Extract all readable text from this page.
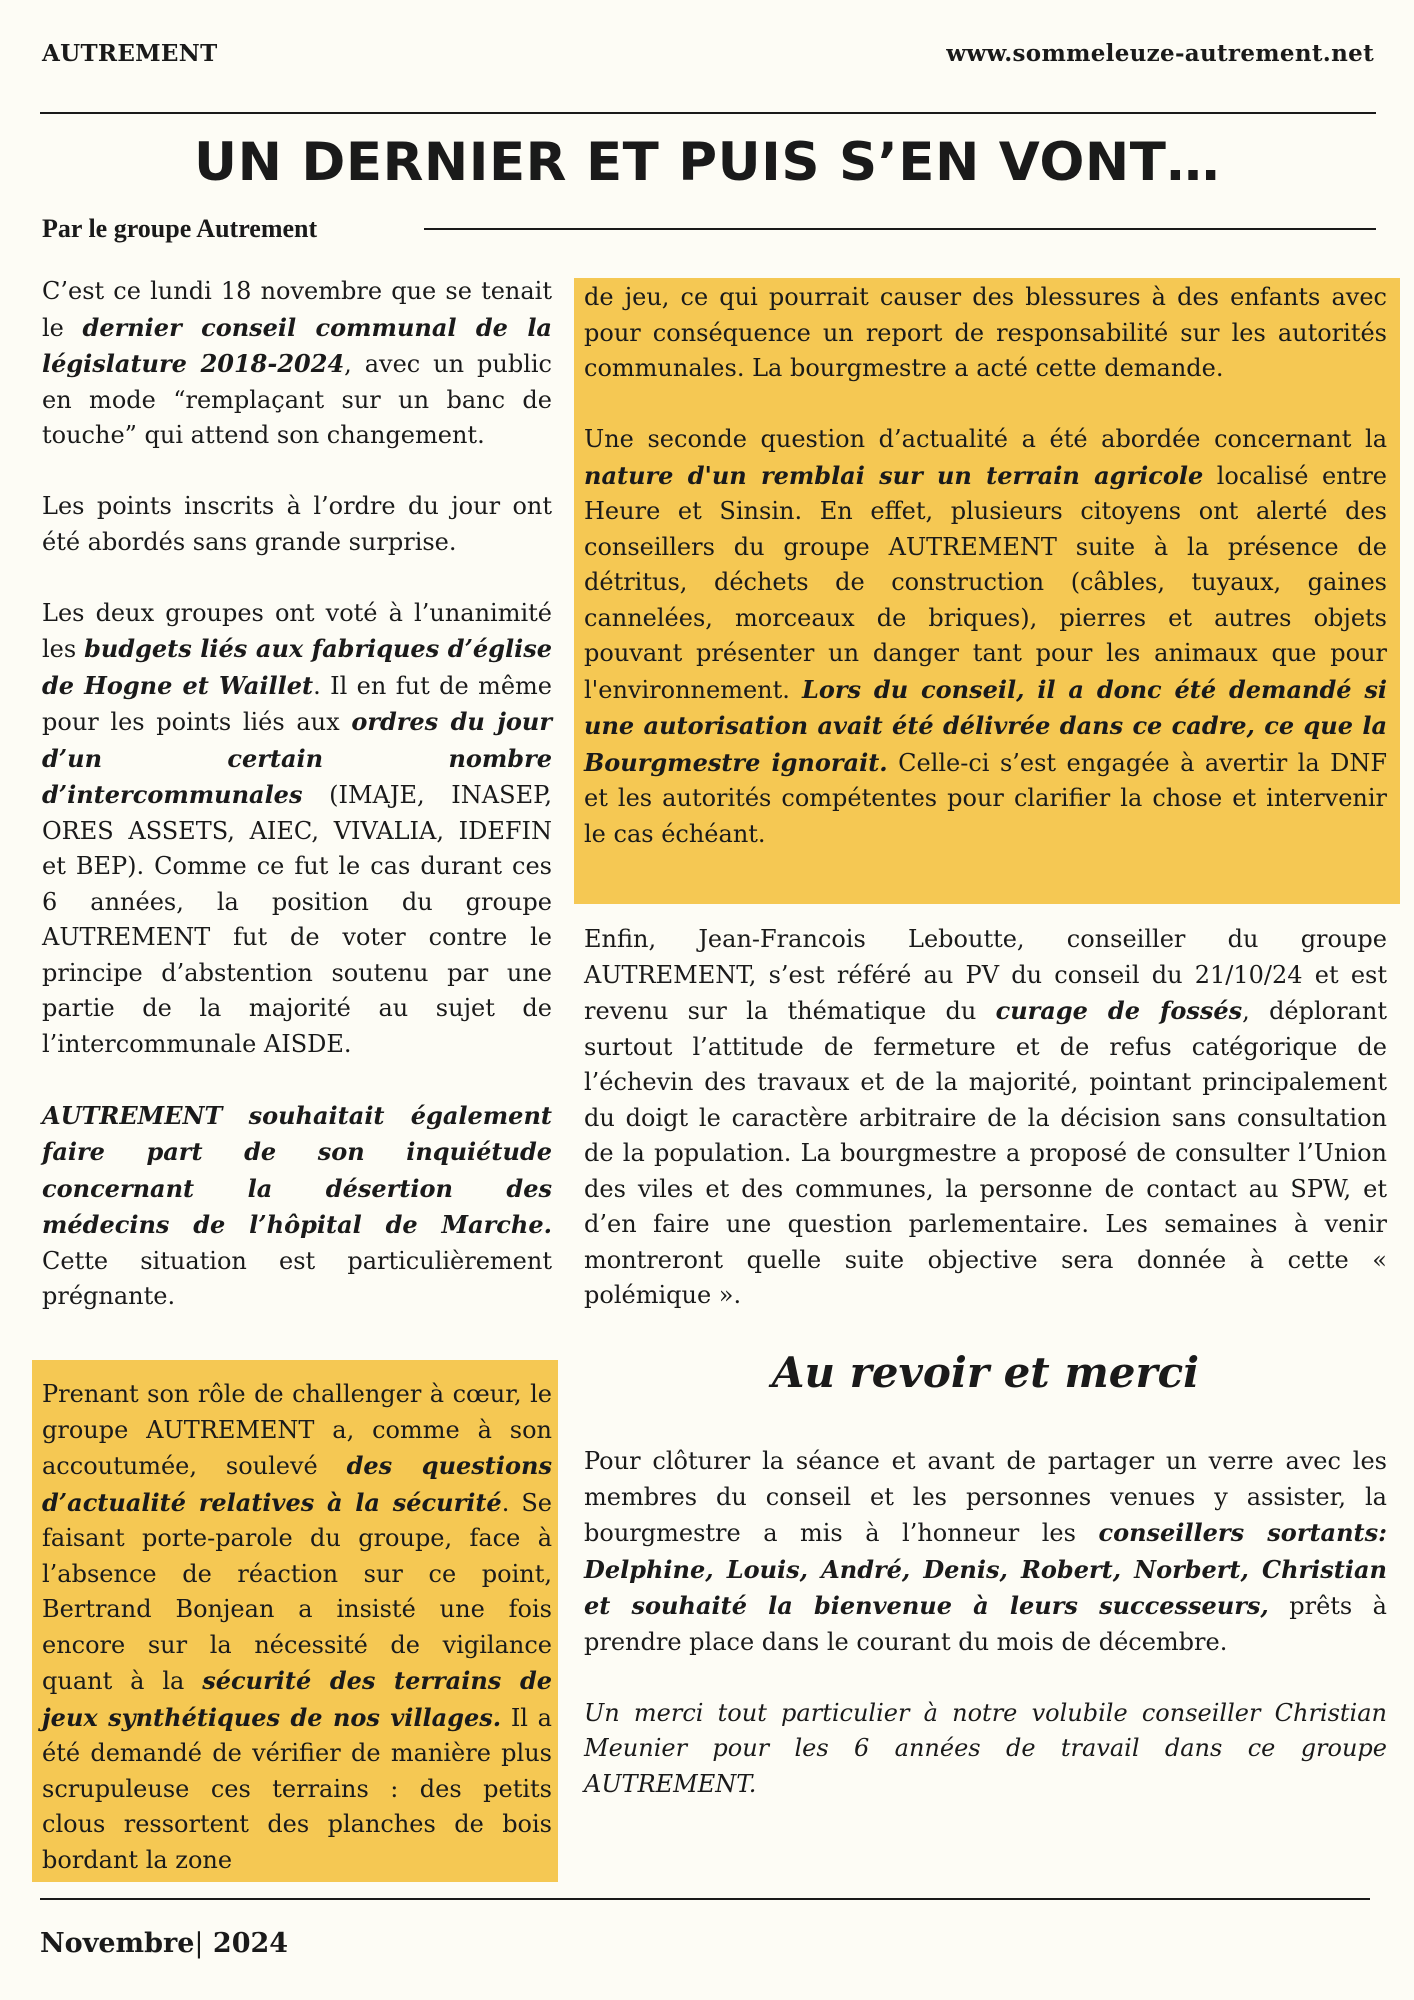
AUTREMENT	www.sommeleuze-autrement.net
UN DERNIER ET PUIS S’EN VONT…
Par le groupe Autrement

C’est ce lundi 18 novembre que se tenait le dernier conseil communal de la législature 2018-2024, avec un public en mode “remplaçant sur un banc de touche” qui attend son changement.

Les points inscrits à l’ordre du jour ont été abordés sans grande surprise.

Les deux groupes ont voté à l’unanimité les budgets liés aux fabriques d’église de Hogne et Waillet. Il en fut de même pour les points liés aux ordres du jour d’un certain nombre d’intercommunales (IMAJE, INASEP, ORES ASSETS, AIEC, VIVALIA, IDEFIN et BEP). Comme ce fut le cas durant ces 6 années, la position du groupe AUTREMENT fut de voter contre le principe d’abstention soutenu par une partie de la majorité au sujet de l’intercommunale AISDE.

AUTREMENT souhaitait également faire part de son inquiétude concernant la désertion des médecins de l’hôpital de Marche. Cette situation est particulièrement prégnante.

Prenant son rôle de challenger à cœur, le groupe AUTREMENT a, comme à son accoutumée, soulevé des questions d’actualité relatives à la sécurité. Se faisant porte-parole du groupe, face à l’absence de réaction sur ce point, Bertrand Bonjean a insisté une fois encore sur la nécessité de vigilance quant à la sécurité des terrains de jeux synthétiques de nos villages. Il a été demandé de vérifier de manière plus scrupuleuse ces terrains : des petits clous ressortent des planches de bois bordant la zone

de jeu, ce qui pourrait causer des blessures à des enfants avec pour conséquence un report de responsabilité sur les autorités communales. La bourgmestre a acté cette demande.

Une seconde question d’actualité a été abordée concernant la nature d'un remblai sur un terrain agricole localisé entre Heure et Sinsin. En effet, plusieurs citoyens ont alerté des conseillers du groupe AUTREMENT suite à la présence de détritus, déchets de construction (câbles, tuyaux, gaines cannelées, morceaux de briques), pierres et autres objets pouvant présenter un danger tant pour les animaux que pour l'environnement. Lors du conseil, il a donc été demandé si une autorisation avait été délivrée dans ce cadre, ce que la Bourgmestre ignorait. Celle-ci s’est engagée à avertir la DNF et les autorités compétentes pour clarifier la chose et intervenir le cas échéant.

Enfin, Jean-Francois Leboutte, conseiller du groupe AUTREMENT, s’est référé au PV du conseil du 21/10/24 et est revenu sur la thématique du curage de fossés, déplorant surtout l’attitude de fermeture et de refus catégorique de l’échevin des travaux et de la majorité, pointant principalement du doigt le caractère arbitraire de la décision sans consultation de la population. La bourgmestre a proposé de consulter l’Union des viles et des communes, la personne de contact au SPW, et d’en faire une question parlementaire. Les semaines à venir montreront quelle suite objective sera donnée à cette « polémique ».

Au revoir et merci

Pour clôturer la séance et avant de partager un verre avec les membres du conseil et les personnes venues y assister, la bourgmestre a mis à l’honneur les conseillers sortants: Delphine, Louis, André, Denis, Robert, Norbert, Christian et souhaité la bienvenue à leurs successeurs, prêts à prendre place dans le courant du mois de décembre.

Un merci tout particulier à notre volubile conseiller Christian Meunier pour les 6 années de travail dans ce groupe AUTREMENT.

Novembre| 2024
